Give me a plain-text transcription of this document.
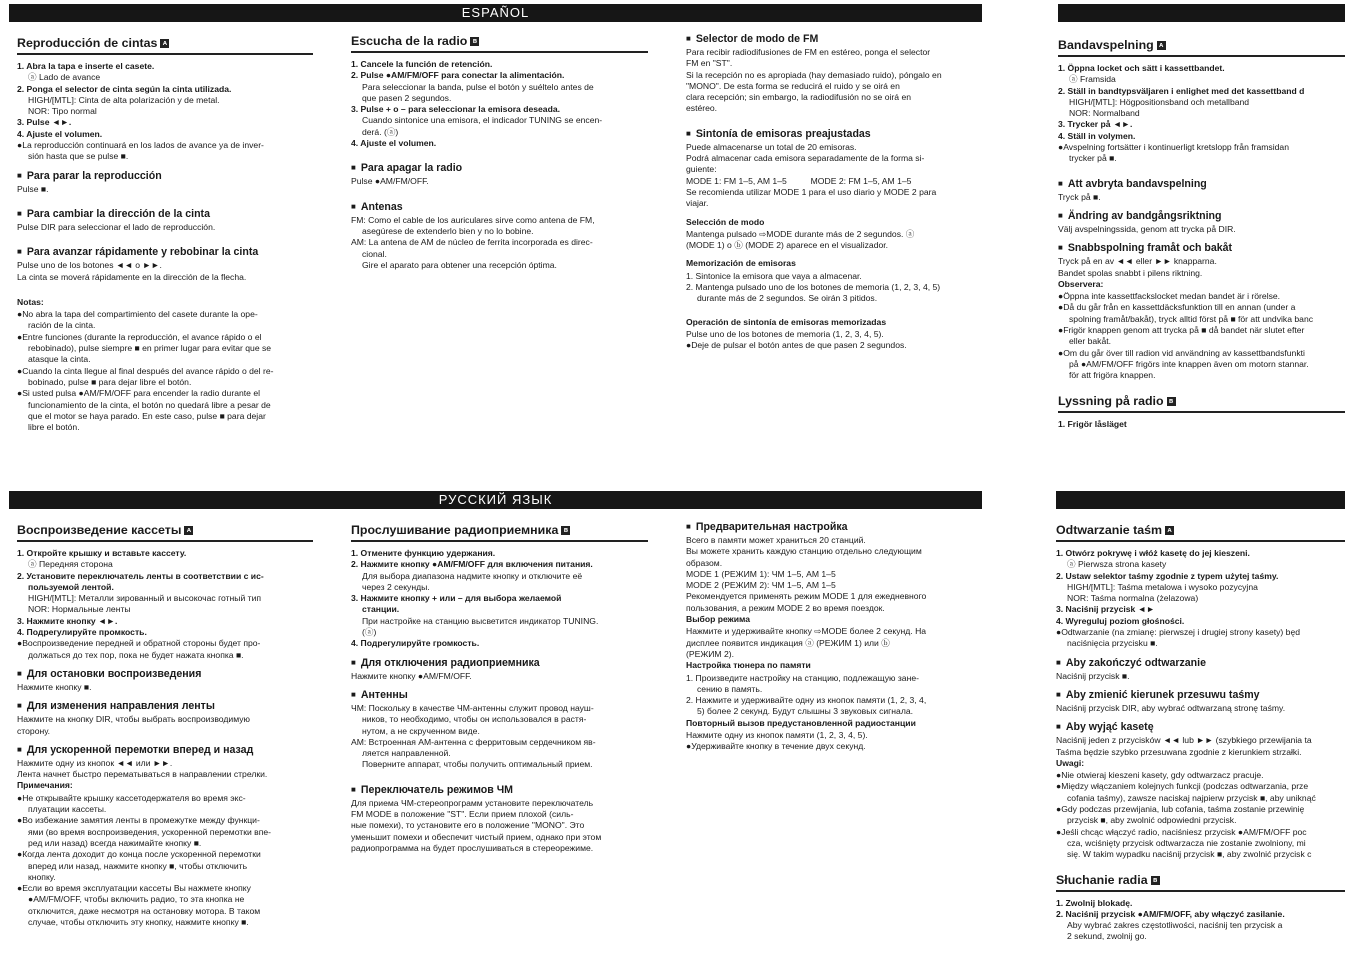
ESPAÑOL
РУССКИЙ ЯЗЫК
Reproducción de cintas ᴀ

1. Abra la tapa e inserte el casete.

ⓐ Lado de avance

2. Ponga el selector de cinta según la cinta utilizada.

HIGH/[MTL]: Cinta de alta polarización y de metal.

NOR: Tipo normal

3. Pulse ◄►.

4. Ajuste el volumen.

●La reproducción continuará en los lados de avance ya de inver-

sión hasta que se pulse ■.

■ Para parar la reproducción

Pulse ■.

■ Para cambiar la dirección de la cinta

Pulse DIR para seleccionar el lado de reproducción.

■ Para avanzar rápidamente y rebobinar la cinta

Pulse uno de los botones ◄◄ o ►►.

La cinta se moverá rápidamente en la dirección de la flecha.

Notas:

●No abra la tapa del compartimiento del casete durante la ope-

ración de la cinta.

●Entre funciones (durante la reproducción, el avance rápido o el

rebobinado), pulse siempre ■ en primer lugar para evitar que se

atasque la cinta.

●Cuando la cinta llegue al final después del avance rápido o del re-

bobinado, pulse ■ para dejar libre el botón.

●Si usted pulsa ●AM/FM/OFF para encender la radio durante el

funcionamiento de la cinta, el botón no quedará libre a pesar de

que el motor se haya parado. En este caso, pulse ■ para dejar

libre el botón.

Escucha de la radio ʙ

1. Cancele la función de retención.

2. Pulse ●AM/FM/OFF para conectar la alimentación.

Para seleccionar la banda, pulse el botón y suéltelo antes de

que pasen 2 segundos.

3. Pulse + o – para seleccionar la emisora deseada.

Cuando sintonice una emisora, el indicador TUNING se encen-

derá. (ⓐ)

4. Ajuste el volumen.

■ Para apagar la radio

Pulse ●AM/FM/OFF.

■ Antenas

FM: Como el cable de los auriculares sirve como antena de FM,

asegúrese de extenderlo bien y no lo bobine.

AM: La antena de AM de núcleo de ferrita incorporada es direc-

cional.

Gire el aparato para obtener una recepción óptima.

■ Selector de modo de FM

Para recibir radiodifusiones de FM en estéreo, ponga el selector

FM en "ST".

Si la recepción no es apropiada (hay demasiado ruido), póngalo en

"MONO". De esta forma se reducirá el ruido y se oirá en

clara recepción; sin embargo, la radiodifusión no se oirá en

estéreo.

■ Sintonía de emisoras preajustadas

Puede almacenarse un total de 20 emisoras.

Podrá almacenar cada emisora separadamente de la forma si-

guiente:

MODE 1: FM 1–5, AM 1–5          MODE 2: FM 1–5, AM 1–5

Se recomienda utilizar MODE 1 para el uso diario y MODE 2 para

viajar.

Selección de modo

Mantenga pulsado ⇨MODE durante más de 2 segundos. ⓐ

(MODE 1) o ⓑ (MODE 2) aparece en el visualizador.

Memorización de emisoras

1. Sintonice la emisora que vaya a almacenar.

2. Mantenga pulsado uno de los botones de memoria (1, 2, 3, 4, 5)

durante más de 2 segundos. Se oirán 3 pitidos.

Operación de sintonía de emisoras memorizadas

Pulse uno de los botones de memoria (1, 2, 3, 4, 5).

●Deje de pulsar el botón antes de que pasen 2 segundos.

Bandavspelning ᴀ

1. Öppna locket och sätt i kassettbandet.

ⓐ Framsida

2. Ställ in bandtypsväljaren i enlighet med det kassettband d

HIGH/[MTL]: Högpositionsband och metallband

NOR: Normalband

3. Trycker på ◄►.

4. Ställ in volymen.

●Avspelning fortsätter i kontinuerligt kretslopp från framsidan

trycker på ■.

■ Att avbryta bandavspelning

Tryck på ■.

■ Ändring av bandgångsriktning

Välj avspelningssida, genom att trycka på DIR.

■ Snabbspolning framåt och bakåt

Tryck på en av ◄◄ eller ►► knapparna.

Bandet spolas snabbt i pilens riktning.

Observera:

●Öppna inte kassettfackslocket medan bandet är i rörelse.

●Då du går från en kassettdäcksfunktion till en annan (under a

spolning framåt/bakåt), tryck alltid först på ■ för att undvika banc

●Frigör knappen genom att trycka på ■ då bandet när slutet efter

eller bakåt.

●Om du går över till radion vid användning av kassettbandsfunkti

på ●AM/FM/OFF frigörs inte knappen även om motorn stannar.

för att frigöra knappen.

Lyssning på radio ʙ

1. Frigör låsläget

Воспроизведение кассеты ᴀ

1. Откройте крышку и вставьте кассету.

ⓐ Передняя сторона

2. Установите переключатель ленты в соответствии с ис-

пользуемой лентой.

HIGH/[MTL]: Металли зированный и высокочас готный тип

NOR: Нормальные ленты

3. Нажмите кнопку ◄►.

4. Подрегулируйте промкость.

●Воспроизведение передней и обратной стороны будет про-

должаться до тех пор, пока не будет нажата кнопка ■.

■ Для остановки воспроизведения

Нажмите кнопку ■.

■ Для изменения направления ленты

Нажмите на кнопку DIR, чтобы выбрать воспроизводимую

сторону.

■ Для ускоренной перемотки вперед и назад

Нажмите одну из кнопок ◄◄ или ►►.

Лента начнет быстро перематываться в направлении стрелки.

Примечания:

●Не открывайте крышку кассетодержателя во время экс-

плуатации кассеты.

●Во избежание замятия ленты в промежутке между функци-

ями (во время воспроизведения, ускоренной перемотки впе-

ред или назад) всегда нажимайте кнопку ■.

●Когда лента доходит до конца после ускоренной перемотки

вперед или назад, нажмите кнопку ■, чтобы отключить

кнопку.

●Если во время эксплуатации кассеты Вы нажмете кнопку

●AM/FM/OFF, чтобы включить радио, то эта кнопка не

отключится, даже несмотря на остановку мотора. В таком

случае, чтобы отключить эту кнопку, нажмите кнопку ■.

Прослушивание радиоприемника ʙ

1. Отмените функцию удержания.

2. Нажмите кнопку ●AM/FM/OFF для включения питания.

Для выбора диапазона надмите кнопку и отключите её

через 2 секунды.

3. Нажмите кнопку + или – для выбора желаемой

станции.

При настройке на станцию высветится индикатор TUNING.

(ⓐ)

4. Подрегулируйте громкость.

■ Для отключения радиоприемника

Нажмите кнопку ●AM/FM/OFF.

■ Антенны

ЧМ: Поскольку в качестве ЧМ-антенны служит провод науш-

ников, то необходимо, чтобы он использовался в растя-

нутом, а не скрученном виде.

AM: Встроенная АМ-антенна с ферритовым сердечником яв-

ляется направленной.

Поверните аппарат, чтобы получить оптимальный прием.

■ Переключатель режимов ЧМ

Для приема ЧМ-стереопрограмм установите переключатель

FM MODE в положение "ST". Если прием плохой (силь-

ные помехи), то установите его в положение "MONO". Это

уменьшит помехи и обеспечит чистый прием, однако при этом

радиопрограмма на будет прослушиваться в стереорежиме.

■ Предварительная настройка

Всего в памяти может храниться 20 станций.

Вы можете хранить каждую станцию отдельно следующим

образом.

MODE 1 (РЕЖИМ 1): ЧМ 1–5, AM 1–5

MODE 2 (РЕЖИМ 2): ЧМ 1–5, AM 1–5

Рекомендуется применять режим MODE 1 для ежедневного

пользования, а режим MODE 2 во время поездок.

Выбор режима

Нажмите и удерживайте кнопку ⇨MODE более 2 секунд. На

дисплее появится индикация ⓐ (РЕЖИМ 1) или ⓑ

(РЕЖИМ 2).

Настройка тюнера по памяти

1. Произведите настройку на станцию, подлежащую зане-

сению в память.

2. Нажмите и удерживайте одну из кнопок памяти (1, 2, 3, 4,

5) более 2 секунд. Будут слышны 3 звуковых сигнала.

Повторный вызов предустановленной радиостанции

Нажмите одну из кнопок памяти (1, 2, 3, 4, 5).

●Удерживайте кнопку в течение двух секунд.

Odtwarzanie taśm ᴀ

1. Otwórz pokrywę i włóż kasetę do jej kieszeni.

ⓐ Pierwsza strona kasety

2. Ustaw selektor taśmy zgodnie z typem użytej taśmy.

HIGH/[MTL]: Taśma metalowa i wysoko pozycyjna

NOR: Taśma normalna (żelazowa)

3. Naciśnij przycisk ◄►

4. Wyreguluj poziom głośności.

●Odtwarzanie (na zmianę: pierwszej i drugiej strony kasety) będ

naciśnięcia przycisku ■.

■ Aby zakończyć odtwarzanie

Naciśnij przycisk ■.

■ Aby zmienić kierunek przesuwu taśmy

Naciśnij przycisk DIR, aby wybrać odtwarzaną stronę taśmy.

■ Aby wyjąć kasetę

Naciśnij jeden z przycisków ◄◄ lub ►► (szybkiego przewijania ta

Taśma będzie szybko przesuwana zgodnie z kierunkiem strzałki.

Uwagi:

●Nie otwieraj kieszeni kasety, gdy odtwarzacz pracuje.

●Między włączaniem kolejnych funkcji (podczas odtwarzania, prze

cofania taśmy), zawsze naciskaj najpierw przycisk ■, aby uniknąć

●Gdy podczas przewijania, lub cofania, taśma zostanie przewinię

przycisk ■, aby zwolnić odpowiedni przycisk.

●Jeśli chcąc włączyć radio, naciśniesz przycisk ●AM/FM/OFF poc

cza, wciśnięty przycisk odtwarzacza nie zostanie zwolniony, mi

się. W takim wypadku naciśnij przycisk ■, aby zwolnić przycisk c

Słuchanie radia ʙ

1. Zwolnij blokadę.

2. Naciśnij przycisk ●AM/FM/OFF, aby włączyć zasilanie.

Aby wybrać zakres częstotliwości, naciśnij ten przycisk a

2 sekund, zwolnij go.
